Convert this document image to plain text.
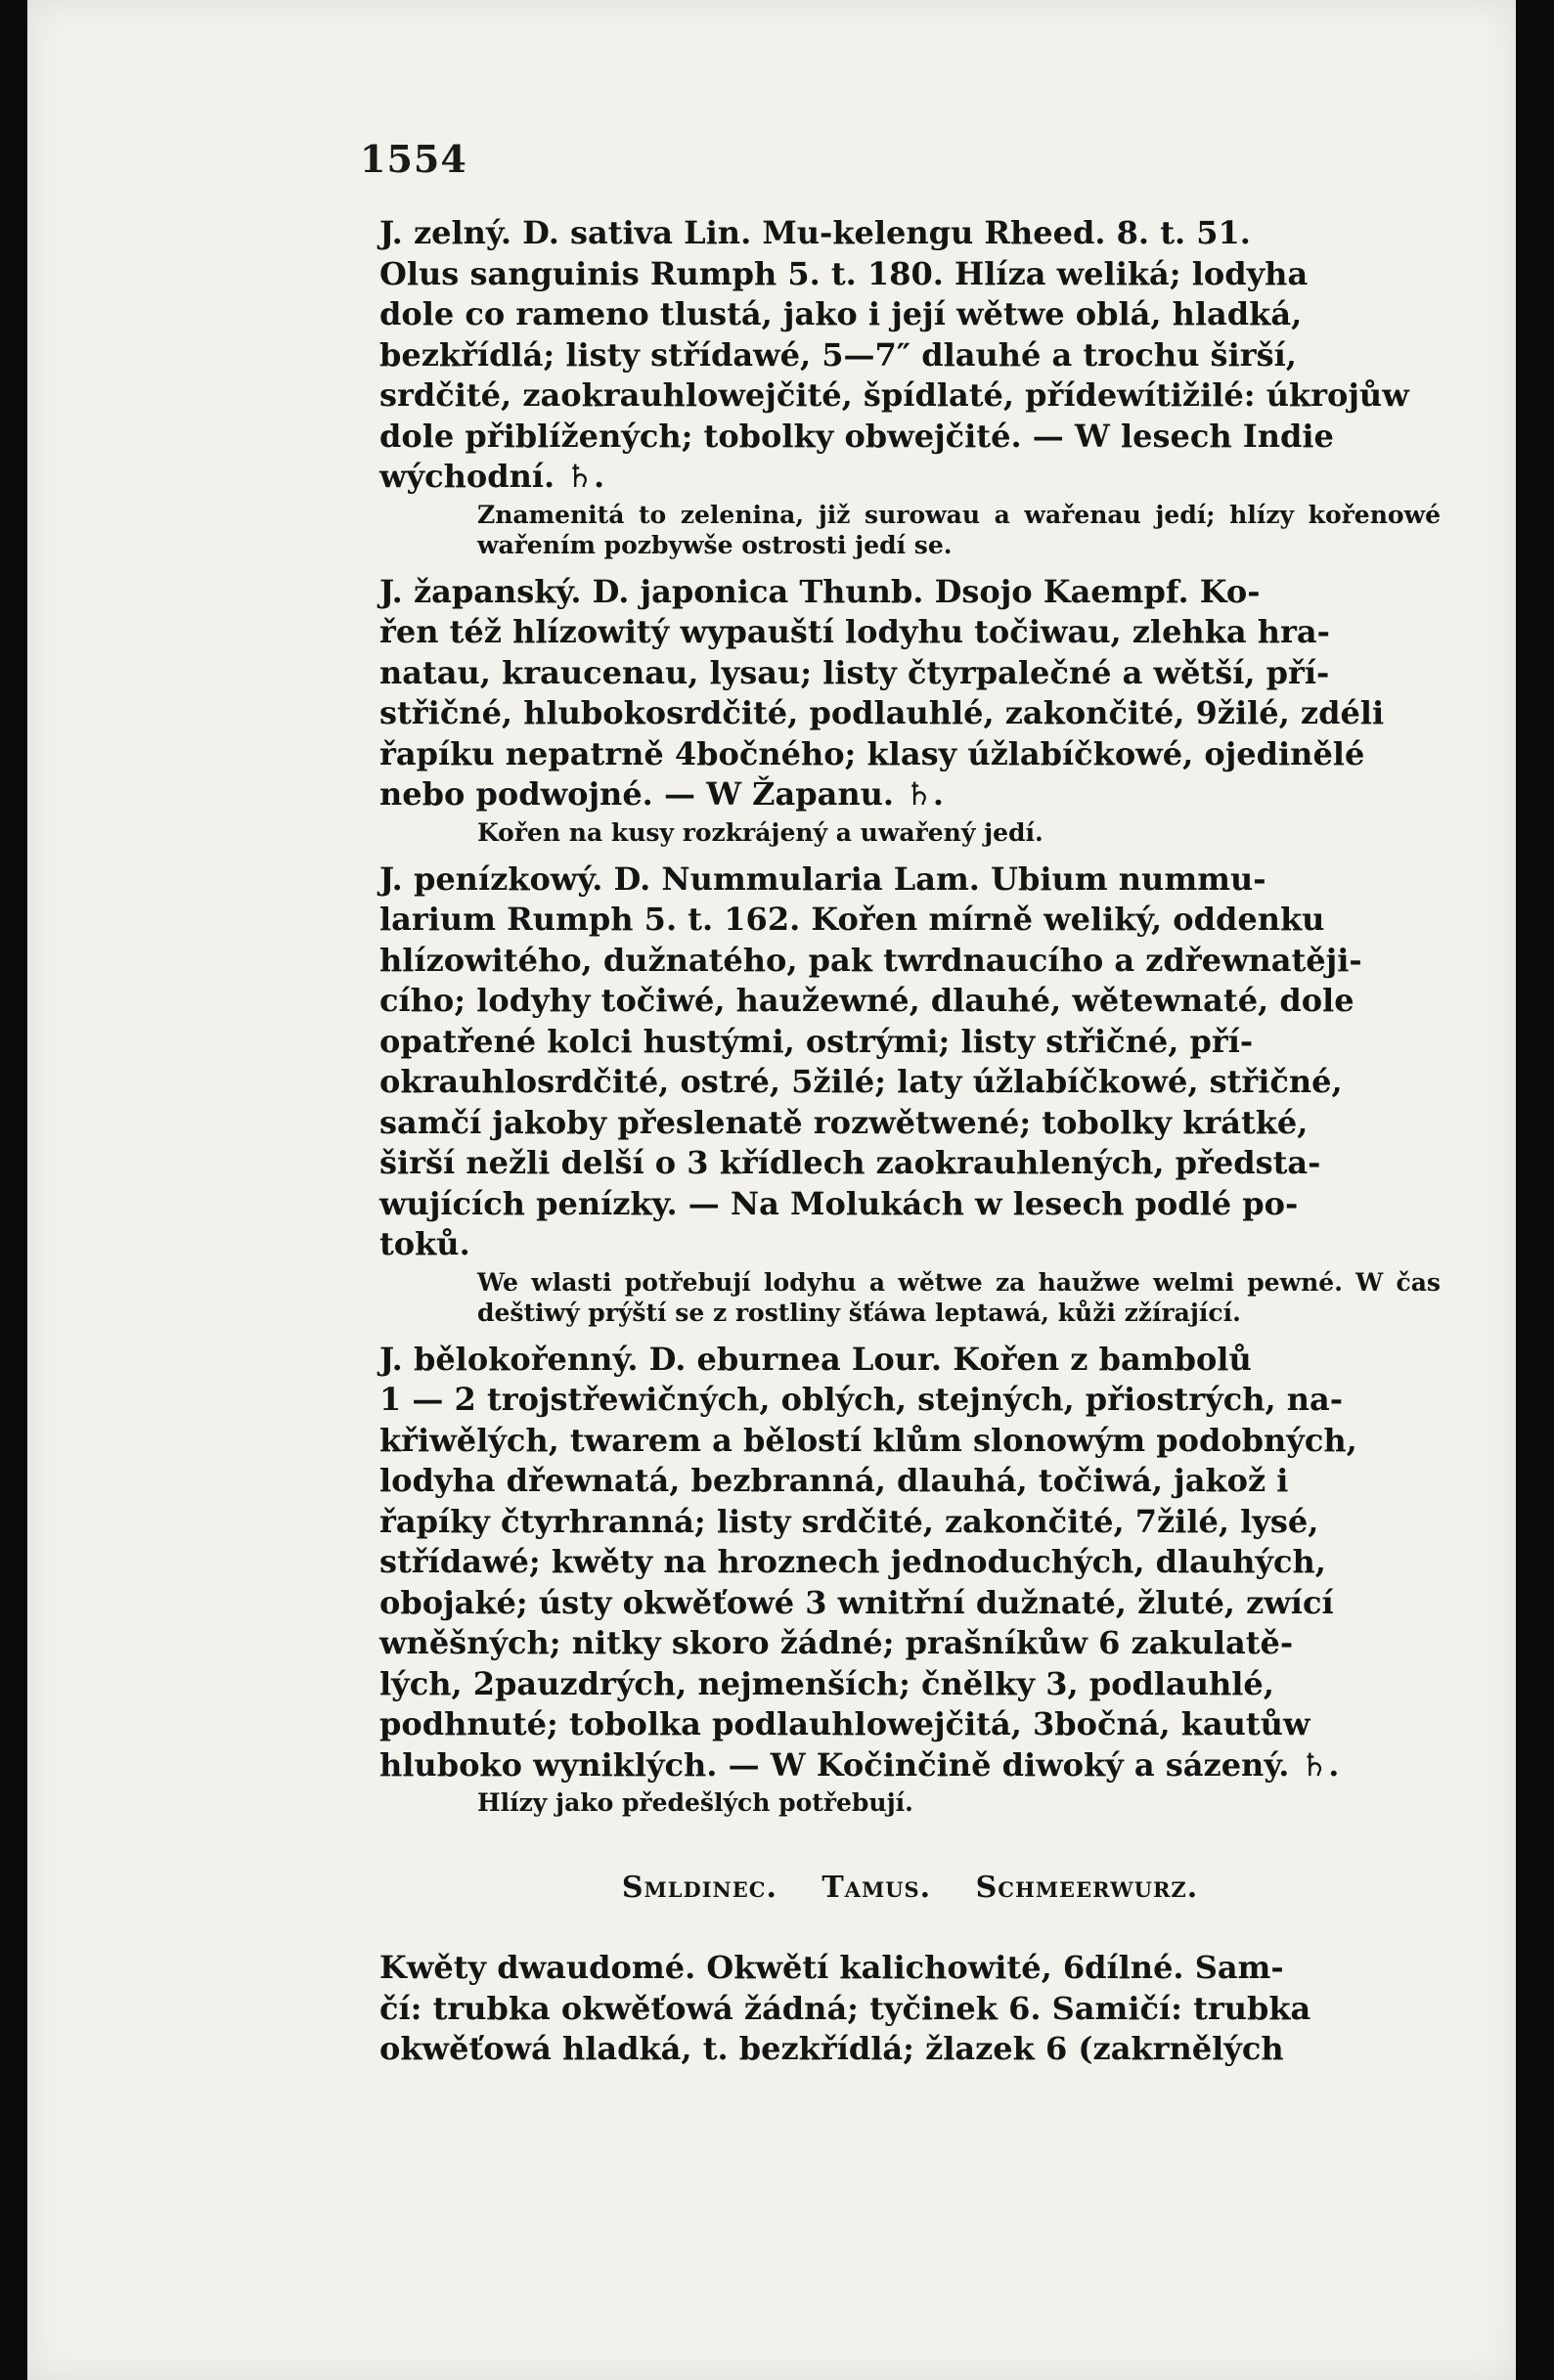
1554

J. zelný. D. sativa Lin. Mu-kelengu Rheed. 8. t. 51.
Olus sanguinis Rumph 5. t. 180. Hlíza weliká; lodyha
dole co rameno tlustá, jako i její wětwe oblá, hladká,
bezkřídlá; listy střídawé, 5—7″ dlauhé a trochu širší,
srdčité, zaokrauhlowejčité, špídlaté, přídewítižilé: úkrojůw
dole přiblížených; tobolky obwejčité. — W lesech Indie
wýchodní. ♄.

Znamenitá to zelenina, již surowau a wařenau jedí; hlízy kořenowé wařením pozbywše ostrosti jedí se.

J. žapanský. D. japonica Thunb. Dsojo Kaempf. Ko-
řen též hlízowitý wypauští lodyhu točiwau, zlehka hra-
natau, kraucenau, lysau; listy čtyrpalečné a wětší, pří-
střičné, hlubokosrdčité, podlauhlé, zakončité, 9žilé, zdéli
řapíku nepatrně 4bočného; klasy úžlabíčkowé, ojedinělé
nebo podwojné. — W Žapanu. ♄.

Kořen na kusy rozkrájený a uwařený jedí.

J. penízkowý. D. Nummularia Lam. Ubium nummu-
larium Rumph 5. t. 162. Kořen mírně weliký, oddenku
hlízowitého, dužnatého, pak twrdnaucího a zdřewnatěji-
cího; lodyhy točiwé, haužewné, dlauhé, wětewnaté, dole
opatřené kolci hustými, ostrými; listy střičné, pří-
okrauhlosrdčité, ostré, 5žilé; laty úžlabíčkowé, střičné,
samčí jakoby přeslenatě rozwětwené; tobolky krátké,
širší nežli delší o 3 křídlech zaokrauhlených, předsta-
wujících penízky. — Na Molukách w lesech podlé po-
toků.

We wlasti potřebují lodyhu a wětwe za haužwe welmi pewné. W čas deštiwý prýští se z rostliny šťáwa leptawá, kůži zžírající.

J. bělokořenný. D. eburnea Lour. Kořen z bambolů
1 — 2 trojstřewičných, oblých, stejných, přiostrých, na-
křiwělých, twarem a bělostí klům slonowým podobných,
lodyha dřewnatá, bezbranná, dlauhá, točiwá, jakož i
řapíky čtyrhranná; listy srdčité, zakončité, 7žilé, lysé,
střídawé; kwěty na hroznech jednoduchých, dlauhých,
obojaké; ústy okwěťowé 3 wnitřní dužnaté, žluté, zwící
wněšných; nitky skoro žádné; prašníkůw 6 zakulatě-
lých, 2pauzdrých, nejmenších; čnělky 3, podlauhlé,
podhnuté; tobolka podlauhlowejčitá, 3bočná, kautůw
hluboko wyniklých. — W Kočinčině diwoký a sázený. ♄.

Hlízy jako předešlých potřebují.

Smldinec. Tamus. Schmeerwurz.

Kwěty dwaudomé. Okwětí kalichowité, 6dílné. Sam-
čí: trubka okwěťowá žádná; tyčinek 6. Samičí: trubka
okwěťowá hladká, t. bezkřídlá; žlazek 6 (zakrnělých
